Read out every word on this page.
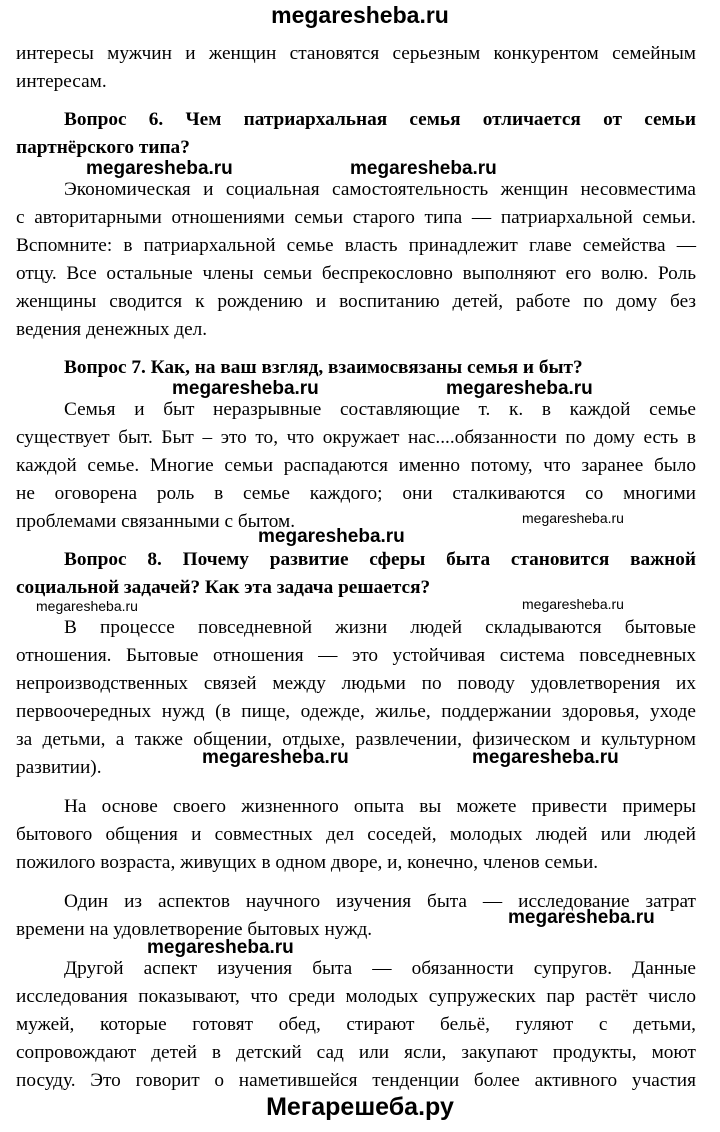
megaresheba.ru
интересы мужчин и женщин становятся серьезным конкурентом семейным
интересам.
Вопрос 6. Чем патриархальная семья отличается от семьи
партнёрского типа?
megaresheba.ru	megaresheba.ru
Экономическая и социальная самостоятельность женщин несовместима
с авторитарными отношениями семьи старого типа — патриархальной семьи.
Вспомните: в патриархальной семье власть принадлежит главе семейства —
отцу. Все остальные члены семьи беспрекословно выполняют его волю. Роль
женщины сводится к рождению и воспитанию детей, работе по дому без
ведения денежных дел.
Вопрос 7. Как, на ваш взгляд, взаимосвязаны семья и быт?
megaresheba.ru	megaresheba.ru
Семья и быт неразрывные составляющие т. к. в каждой семье
существует быт. Быт – это то, что окружает нас....обязанности по дому есть в
каждой семье. Многие семьи распадаются именно потому, что заранее было
не оговорена роль в семье каждого; они сталкиваются со многими
проблемами связанными с бытом.	megaresheba.ru
megaresheba.ru
Вопрос 8. Почему развитие сферы быта становится важной
социальной задачей? Как эта задача решается?
megaresheba.ru	megaresheba.ru
В процессе повседневной жизни людей складываются бытовые
отношения. Бытовые отношения — это устойчивая система повседневных
непроизводственных связей между людьми по поводу удовлетворения их
первоочередных нужд (в пище, одежде, жилье, поддержании здоровья, уходе
за детьми, а также общении, отдыхе, развлечении, физическом и культурном
развитии).	megaresheba.ru	megaresheba.ru
На основе своего жизненного опыта вы можете привести примеры
бытового общения и совместных дел соседей, молодых людей или людей
пожилого возраста, живущих в одном дворе, и, конечно, членов семьи.
Один из аспектов научного изучения быта — исследование затрат
времени на удовлетворение бытовых нужд.
megaresheba.ru
megaresheba.ru
Другой аспект изучения быта — обязанности супругов. Данные
исследования показывают, что среди молодых супружеских пар растёт число
мужей, которые готовят обед, стирают бельё, гуляют с детьми,
сопровождают детей в детский сад или ясли, закупают продукты, моют
посуду. Это говорит о наметившейся тенденции более активного участия
Мегарешеба.ру
